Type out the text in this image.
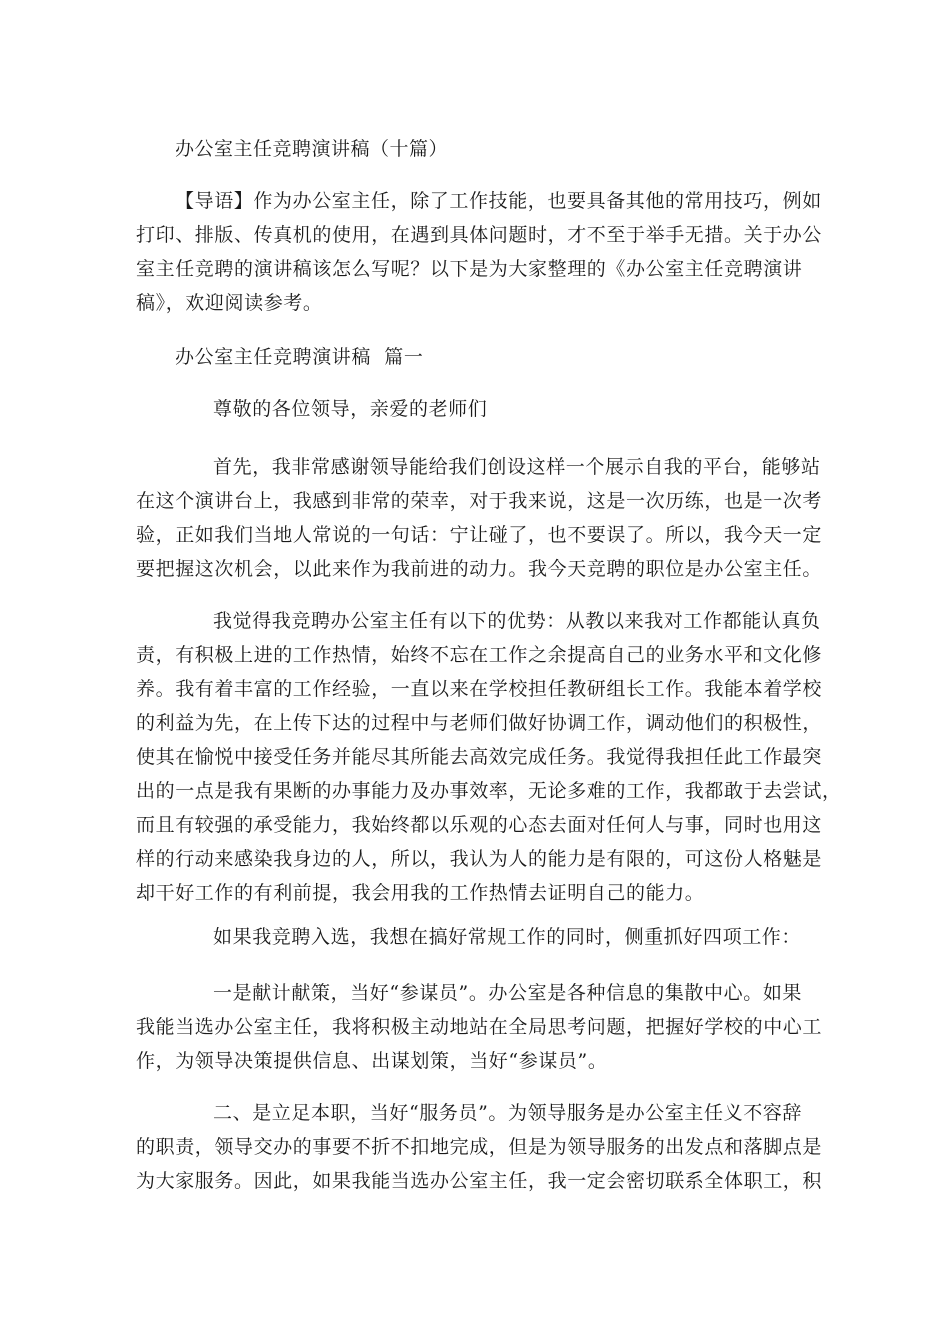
办公室主任竞聘演讲稿（十篇）

【导语】作为办公室主任，除了工作技能，也要具备其他的常用技巧，例如
打印、排版、传真机的使用，在遇到具体问题时，才不至于举手无措。关于办公
室主任竞聘的演讲稿该怎么写呢？以下是为大家整理的《办公室主任竞聘演讲
稿》，欢迎阅读参考。

办公室主任竞聘演讲稿  篇一

尊敬的各位领导，亲爱的老师们

首先，我非常感谢领导能给我们创设这样一个展示自我的平台，能够站
在这个演讲台上，我感到非常的荣幸，对于我来说，这是一次历练，也是一次考
验，正如我们当地人常说的一句话：宁让碰了，也不要误了。所以，我今天一定
要把握这次机会，以此来作为我前进的动力。我今天竞聘的职位是办公室主任。

我觉得我竞聘办公室主任有以下的优势：从教以来我对工作都能认真负
责，有积极上进的工作热情，始终不忘在工作之余提高自己的业务水平和文化修
养。我有着丰富的工作经验，一直以来在学校担任教研组长工作。我能本着学校
的利益为先，在上传下达的过程中与老师们做好协调工作，调动他们的积极性，
使其在愉悦中接受任务并能尽其所能去高效完成任务。我觉得我担任此工作最突
出的一点是我有果断的办事能力及办事效率，无论多难的工作，我都敢于去尝试，
而且有较强的承受能力，我始终都以乐观的心态去面对任何人与事，同时也用这
样的行动来感染我身边的人，所以，我认为人的能力是有限的，可这份人格魅是
却干好工作的有利前提，我会用我的工作热情去证明自己的能力。

如果我竞聘入选，我想在搞好常规工作的同时，侧重抓好四项工作：

一是献计献策，当好“参谋员”。办公室是各种信息的集散中心。如果
我能当选办公室主任，我将积极主动地站在全局思考问题，把握好学校的中心工
作，为领导决策提供信息、出谋划策，当好“参谋员”。

二、是立足本职，当好“服务员”。为领导服务是办公室主任义不容辞
的职责，领导交办的事要不折不扣地完成，但是为领导服务的出发点和落脚点是
为大家服务。因此，如果我能当选办公室主任，我一定会密切联系全体职工，积
